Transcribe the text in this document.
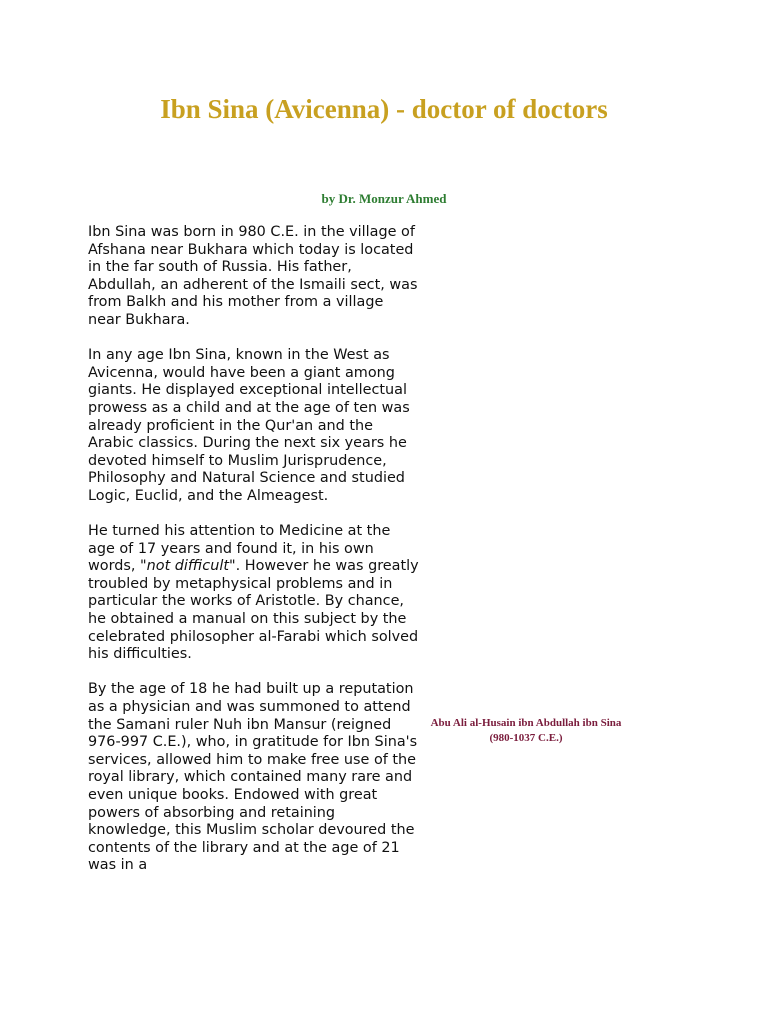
Ibn Sina (Avicenna) - doctor of doctors

by Dr. Monzur Ahmed

Ibn Sina was born in 980 C.E. in the village of Afshana near Bukhara which today is located in the far south of Russia. His father, Abdullah, an adherent of the Ismaili sect, was from Balkh and his mother from a village near Bukhara.

In any age Ibn Sina, known in the West as Avicenna, would have been a giant among giants. He displayed exceptional intellectual prowess as a child and at the age of ten was already proficient in the Qur'an and the Arabic classics. During the next six years he devoted himself to Muslim Jurisprudence, Philosophy and Natural Science and studied Logic, Euclid, and the Almeagest.

He turned his attention to Medicine at the age of 17 years and found it, in his own words, "not difficult". However he was greatly troubled by metaphysical problems and in particular the works of Aristotle. By chance, he obtained a manual on this subject by the celebrated philosopher al-Farabi which solved his difficulties.

By the age of 18 he had built up a reputation as a physician and was summoned to attend the Samani ruler Nuh ibn Mansur (reigned 976-997 C.E.), who, in gratitude for Ibn Sina's services, allowed him to make free use of the royal library, which contained many rare and even unique books. Endowed with great powers of absorbing and retaining knowledge, this Muslim scholar devoured the contents of the library and at the age of 21 was in a

Abu Ali al-Husain ibn Abdullah ibn Sina (980-1037 C.E.)
